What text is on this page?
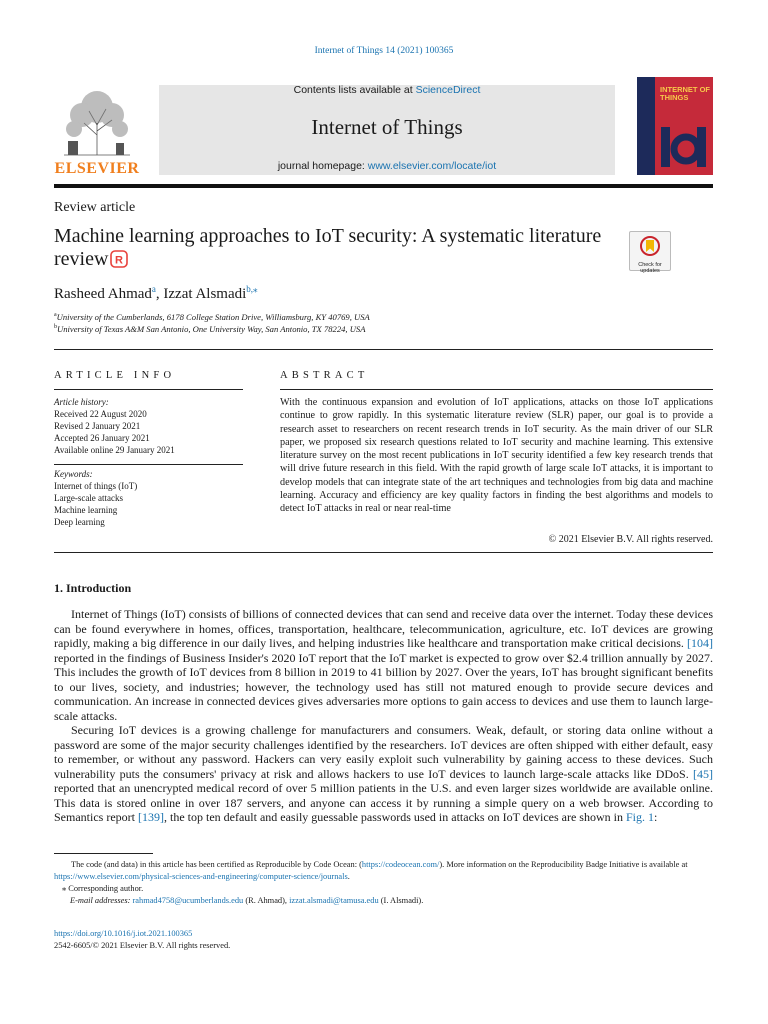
Internet of Things 14 (2021) 100365
ELSEVIER
Contents lists available at ScienceDirect
Internet of Things
journal homepage: www.elsevier.com/locate/iot
INTERNET OF THINGS
Review article
Machine learning approaches to IoT security: A systematic literature review R	Check for updates
Rasheed Ahmad$^a$, Izzat Alsmadi$^{b,⁎}$
$^a$University of the Cumberlands, 6178 College Station Drive, Williamsburg, KY 40769, USA
$^b$University of Texas A&M San Antonio, One University Way, San Antonio, TX 78224, USA
ARTICLE INFO
Article history:
Received 22 August 2020
Revised 2 January 2021
Accepted 26 January 2021
Available online 29 January 2021
Keywords:
Internet of things (IoT)
Large-scale attacks
Machine learning
Deep learning
ABSTRACT
With the continuous expansion and evolution of IoT applications, attacks on those IoT applications continue to grow rapidly. In this systematic literature review (SLR) paper, our goal is to provide a research asset to researchers on recent research trends in IoT security. As the main driver of our SLR paper, we proposed six research questions related to IoT security and machine learning. This extensive literature survey on the most recent publications in IoT security identified a few key research trends that will drive future research in this field. With the rapid growth of large scale IoT attacks, it is important to develop models that can integrate state of the art techniques and technologies from big data and machine learning. Accuracy and efficiency are key quality factors in finding the best algorithms and models to detect IoT attacks in real or near real-time
© 2021 Elsevier B.V. All rights reserved.
1. Introduction
Internet of Things (IoT) consists of billions of connected devices that can send and receive data over the internet. Today these devices can be found everywhere in homes, offices, transportation, healthcare, telecommunication, agriculture, etc. IoT devices are growing rapidly, making a big difference in our daily lives, and helping industries like healthcare and transportation make critical decisions. [104] reported in the findings of Business Insider's 2020 IoT report that the IoT market is expected to grow over $2.4 trillion annually by 2027. This includes the growth of IoT devices from 8 billion in 2019 to 41 billion by 2027. Over the years, IoT has brought significant benefits to our lives, society, and industries; however, the technology used has still not matured enough to provide secure devices and communication. An increase in connected devices gives adversaries more options to gain access to devices and use them to launch large-scale attacks.
Securing IoT devices is a growing challenge for manufacturers and consumers. Weak, default, or storing data online without a password are some of the major security challenges identified by the researchers. IoT devices are often shipped with either default, easy to remember, or without any password. Hackers can very easily exploit such vulnerability by gaining access to these devices. Such vulnerability puts the consumers' privacy at risk and allows hackers to use IoT devices to launch large-scale attacks like DDoS. [45] reported that an unencrypted medical record of over 5 million patients in the U.S. and even larger sizes worldwide are available online. This data is stored online in over 187 servers, and anyone can access it by running a simple query on a web browser. According to Semantics report [139], the top ten default and easily guessable passwords used in attacks on IoT devices are shown in Fig. 1:
The code (and data) in this article has been certified as Reproducible by Code Ocean: (https://codeocean.com/). More information on the Reproducibility Badge Initiative is available at https://www.elsevier.com/physical-sciences-and-engineering/computer-science/journals.
⁎ Corresponding author.
E-mail addresses: rahmad4758@ucumberlands.edu (R. Ahmad), izzat.alsmadi@tamusa.edu (I. Alsmadi).
https://doi.org/10.1016/j.iot.2021.100365
2542-6605/© 2021 Elsevier B.V. All rights reserved.
